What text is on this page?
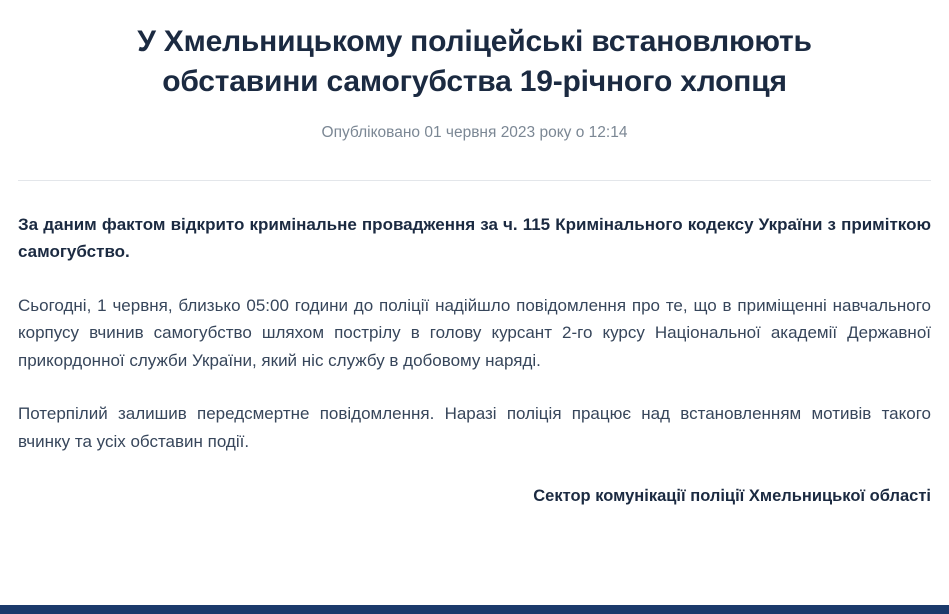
У Хмельницькому поліцейські встановлюють обставини самогубства 19-річного хлопця
Опубліковано 01 червня 2023 року о 12:14

За даним фактом відкрито кримінальне провадження за ч. 115 Кримінального кодексу України з приміткою самогубство.

Сьогодні, 1 червня, близько 05:00 години до поліції надійшло повідомлення про те, що в приміщенні навчального корпусу вчинив самогубство шляхом пострілу в голову курсант 2-го курсу Національної академії Державної прикордонної служби України, який ніс службу в добовому наряді.

Потерпілий залишив передсмертне повідомлення. Наразі поліція працює над встановленням мотивів такого вчинку та усіх обставин події.

Сектор комунікації поліції Хмельницької області
